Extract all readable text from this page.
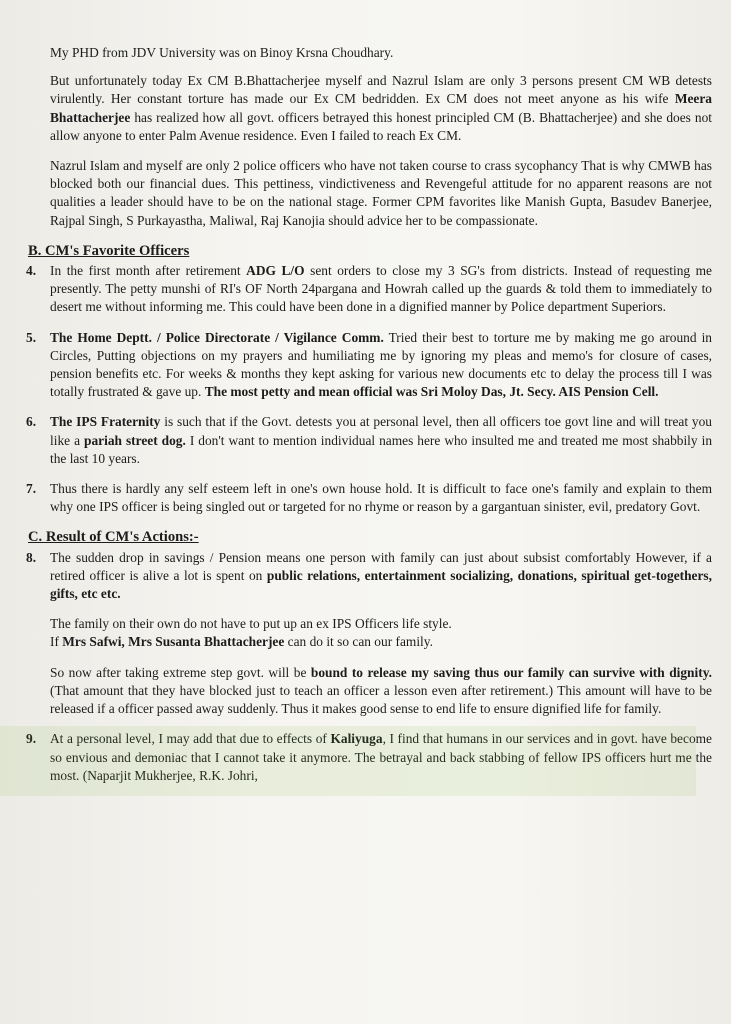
My PHD from JDV University was on Binoy Krsna Choudhary.

But unfortunately today Ex CM B.Bhattacherjee myself and Nazrul Islam are only 3 persons present CM WB detests virulently. Her constant torture has made our Ex CM bedridden. Ex CM does not meet anyone as his wife Meera Bhattacherjee has realized how all govt. officers betrayed this honest principled CM (B. Bhattacherjee) and she does not allow anyone to enter Palm Avenue residence. Even I failed to reach Ex CM.

Nazrul Islam and myself are only 2 police officers who have not taken course to crass sycophancy That is why CMWB has blocked both our financial dues. This pettiness, vindictiveness and Revengeful attitude for no apparent reasons are not qualities a leader should have to be on the national stage. Former CPM favorites like Manish Gupta, Basudev Banerjee, Rajpal Singh, S Purkayastha, Maliwal, Raj Kanojia should advice her to be compassionate.

B. CM's Favorite Officers
4.	In the first month after retirement ADG L/O sent orders to close my 3 SG's from districts. Instead of requesting me presently. The petty munshi of RI's OF North 24pargana and Howrah called up the guards & told them to immediately to desert me without informing me. This could have been done in a dignified manner by Police department Superiors.
5.	The Home Deptt. / Police Directorate / Vigilance Comm. Tried their best to torture me by making me go around in Circles, Putting objections on my prayers and humiliating me by ignoring my pleas and memo's for closure of cases, pension benefits etc. For weeks & months they kept asking for various new documents etc to delay the process till I was totally frustrated & gave up. The most petty and mean official was Sri Moloy Das, Jt. Secy. AIS Pension Cell.
6.	The IPS Fraternity is such that if the Govt. detests you at personal level, then all officers toe govt line and will treat you like a pariah street dog. I don't want to mention individual names here who insulted me and treated me most shabbily in the last 10 years.
7.	Thus there is hardly any self esteem left in one's own house hold. It is difficult to face one's family and explain to them why one IPS officer is being singled out or targeted for no rhyme or reason by a gargantuan sinister, evil, predatory Govt.
C. Result of CM's Actions:-
8.	The sudden drop in savings / Pension means one person with family can just about subsist comfortably However, if a retired officer is alive a lot is spent on public relations, entertainment socializing, donations, spiritual get-togethers, gifts, etc etc.

The family on their own do not have to put up an ex IPS Officers life style.
If Mrs Safwi, Mrs Susanta Bhattacherjee can do it so can our family.

So now after taking extreme step govt. will be bound to release my saving thus our family can survive with dignity. (That amount that they have blocked just to teach an officer a lesson even after retirement.) This amount will have to be released if a officer passed away suddenly. Thus it makes good sense to end life to ensure dignified life for family.

9.	At a personal level, I may add that due to effects of Kaliyuga, I find that humans in our services and in govt. have become so envious and demoniac that I cannot take it anymore. The betrayal and back stabbing of fellow IPS officers hurt me the most. (Naparjit Mukherjee, R.K. Johri,
